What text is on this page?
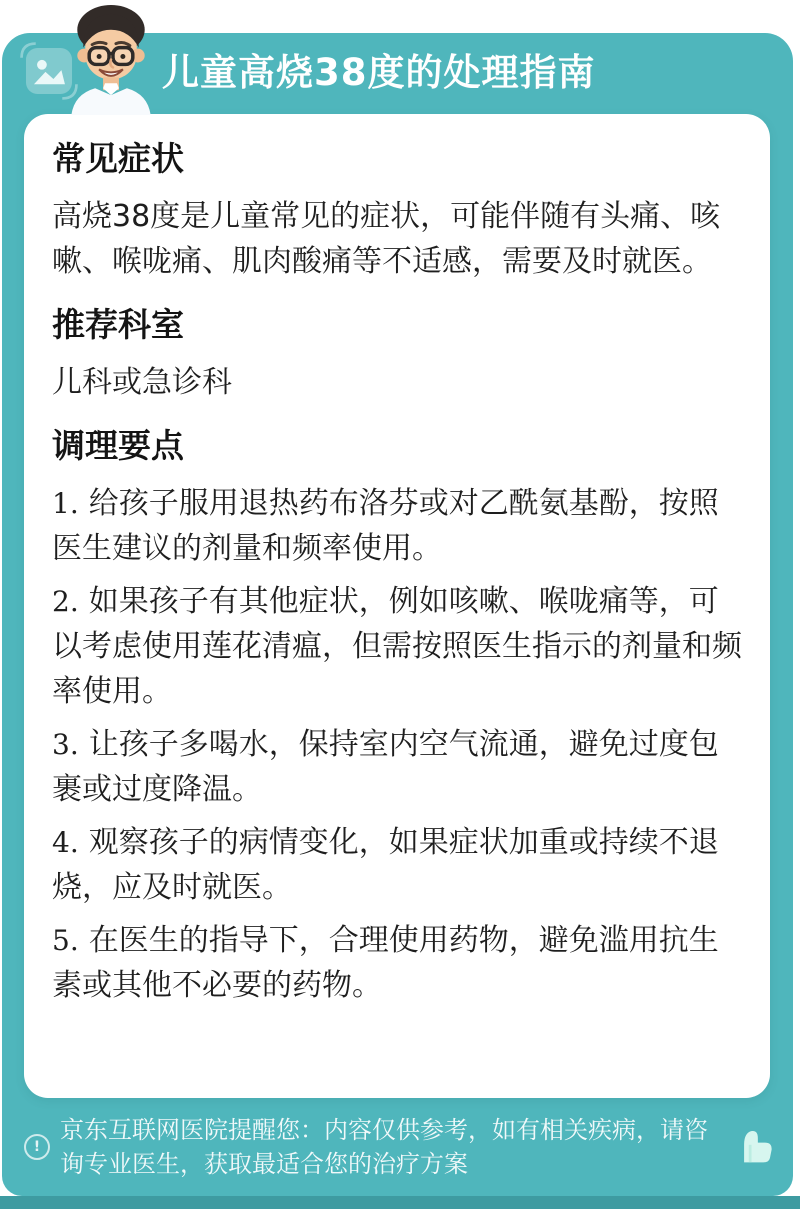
儿童高烧38度的处理指南
常见症状

高烧38度是儿童常见的症状，可能伴随有头痛、咳嗽、喉咙痛、肌肉酸痛等不适感，需要及时就医。

推荐科室

儿科或急诊科

调理要点

1. 给孩子服用退热药布洛芬或对乙酰氨基酚，按照医生建议的剂量和频率使用。

2. 如果孩子有其他症状，例如咳嗽、喉咙痛等，可以考虑使用莲花清瘟，但需按照医生指示的剂量和频率使用。

3. 让孩子多喝水，保持室内空气流通，避免过度包裹或过度降温。

4. 观察孩子的病情变化，如果症状加重或持续不退烧，应及时就医。

5. 在医生的指导下，合理使用药物，避免滥用抗生素或其他不必要的药物。

!

京东互联网医院提醒您：内容仅供参考，如有相关疾病，请咨询专业医生，获取最适合您的治疗方案
